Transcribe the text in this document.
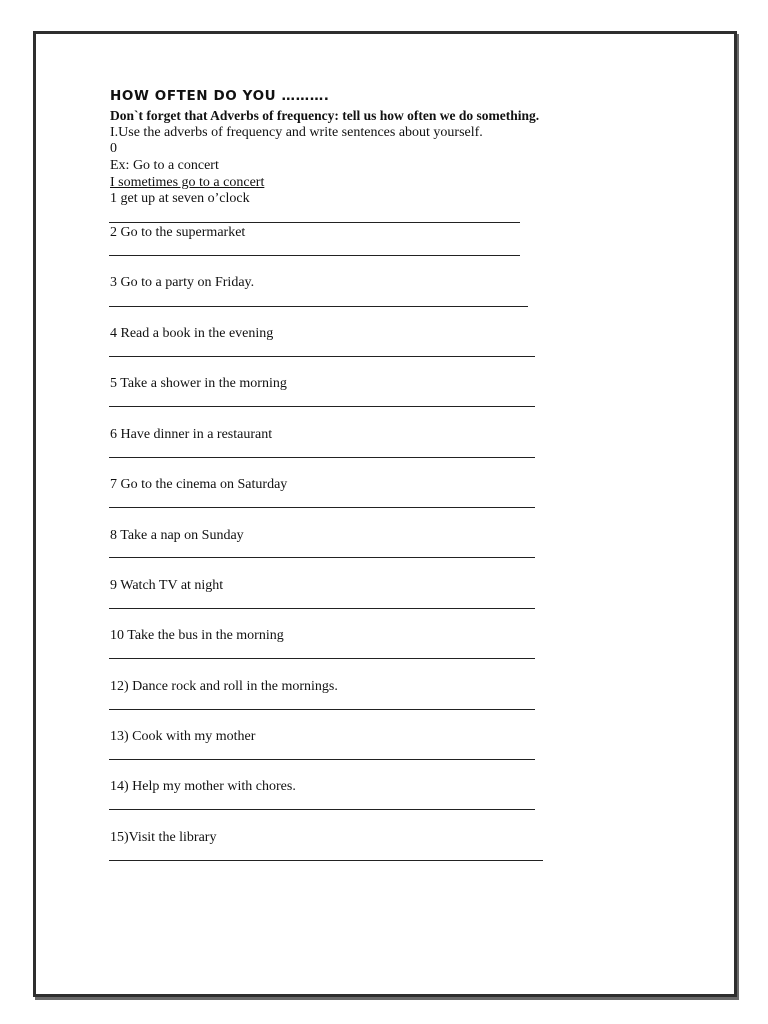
HOW OFTEN DO YOU ……….
Don`t forget that Adverbs of frequency: tell us how often we do something.
I.Use the adverbs of frequency and write sentences about yourself.
0
Ex: Go to a concert
I sometimes go to a concert
1 get up at seven o’clock
2 Go to the supermarket
3 Go to a party on Friday.
4 Read a book in the evening
5 Take a shower in the morning
6 Have dinner in a restaurant
7 Go to the cinema on Saturday
8 Take a nap on Sunday
9 Watch TV at night
10 Take the bus in the morning
12) Dance rock and roll in the mornings.
13) Cook with my mother
14) Help my mother with chores.
15)Visit the library
